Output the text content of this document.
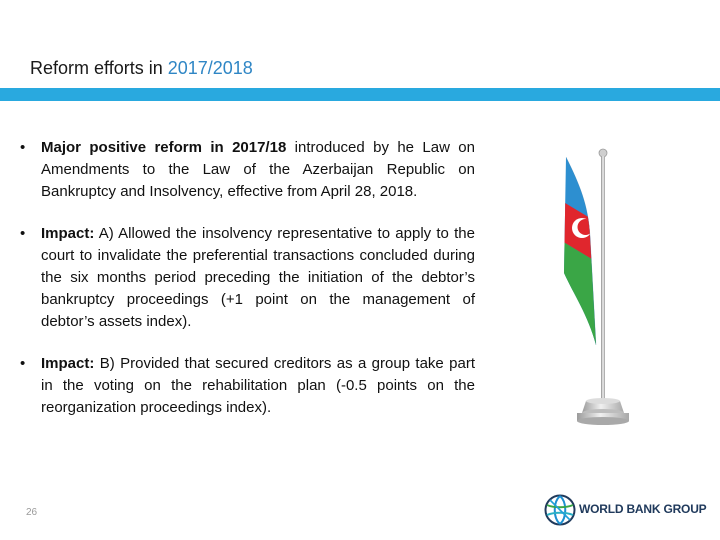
Reform efforts in 2017/2018
• Major positive reform in 2017/18 introduced by he Law on Amendments to the Law of the Azerbaijan Republic on Bankruptcy and Insolvency, effective from April 28, 2018.
• Impact: A) Allowed the insolvency representative to apply to the court to invalidate the preferential transactions concluded during the six months period preceding the initiation of the debtor’s bankruptcy proceedings (+1 point on the management of debtor’s assets index).
• Impact: B) Provided that secured creditors as a group take part in the voting on the rehabilitation plan (-0.5 points on the reorganization proceedings index).
26	WORLD BANK GROUP
